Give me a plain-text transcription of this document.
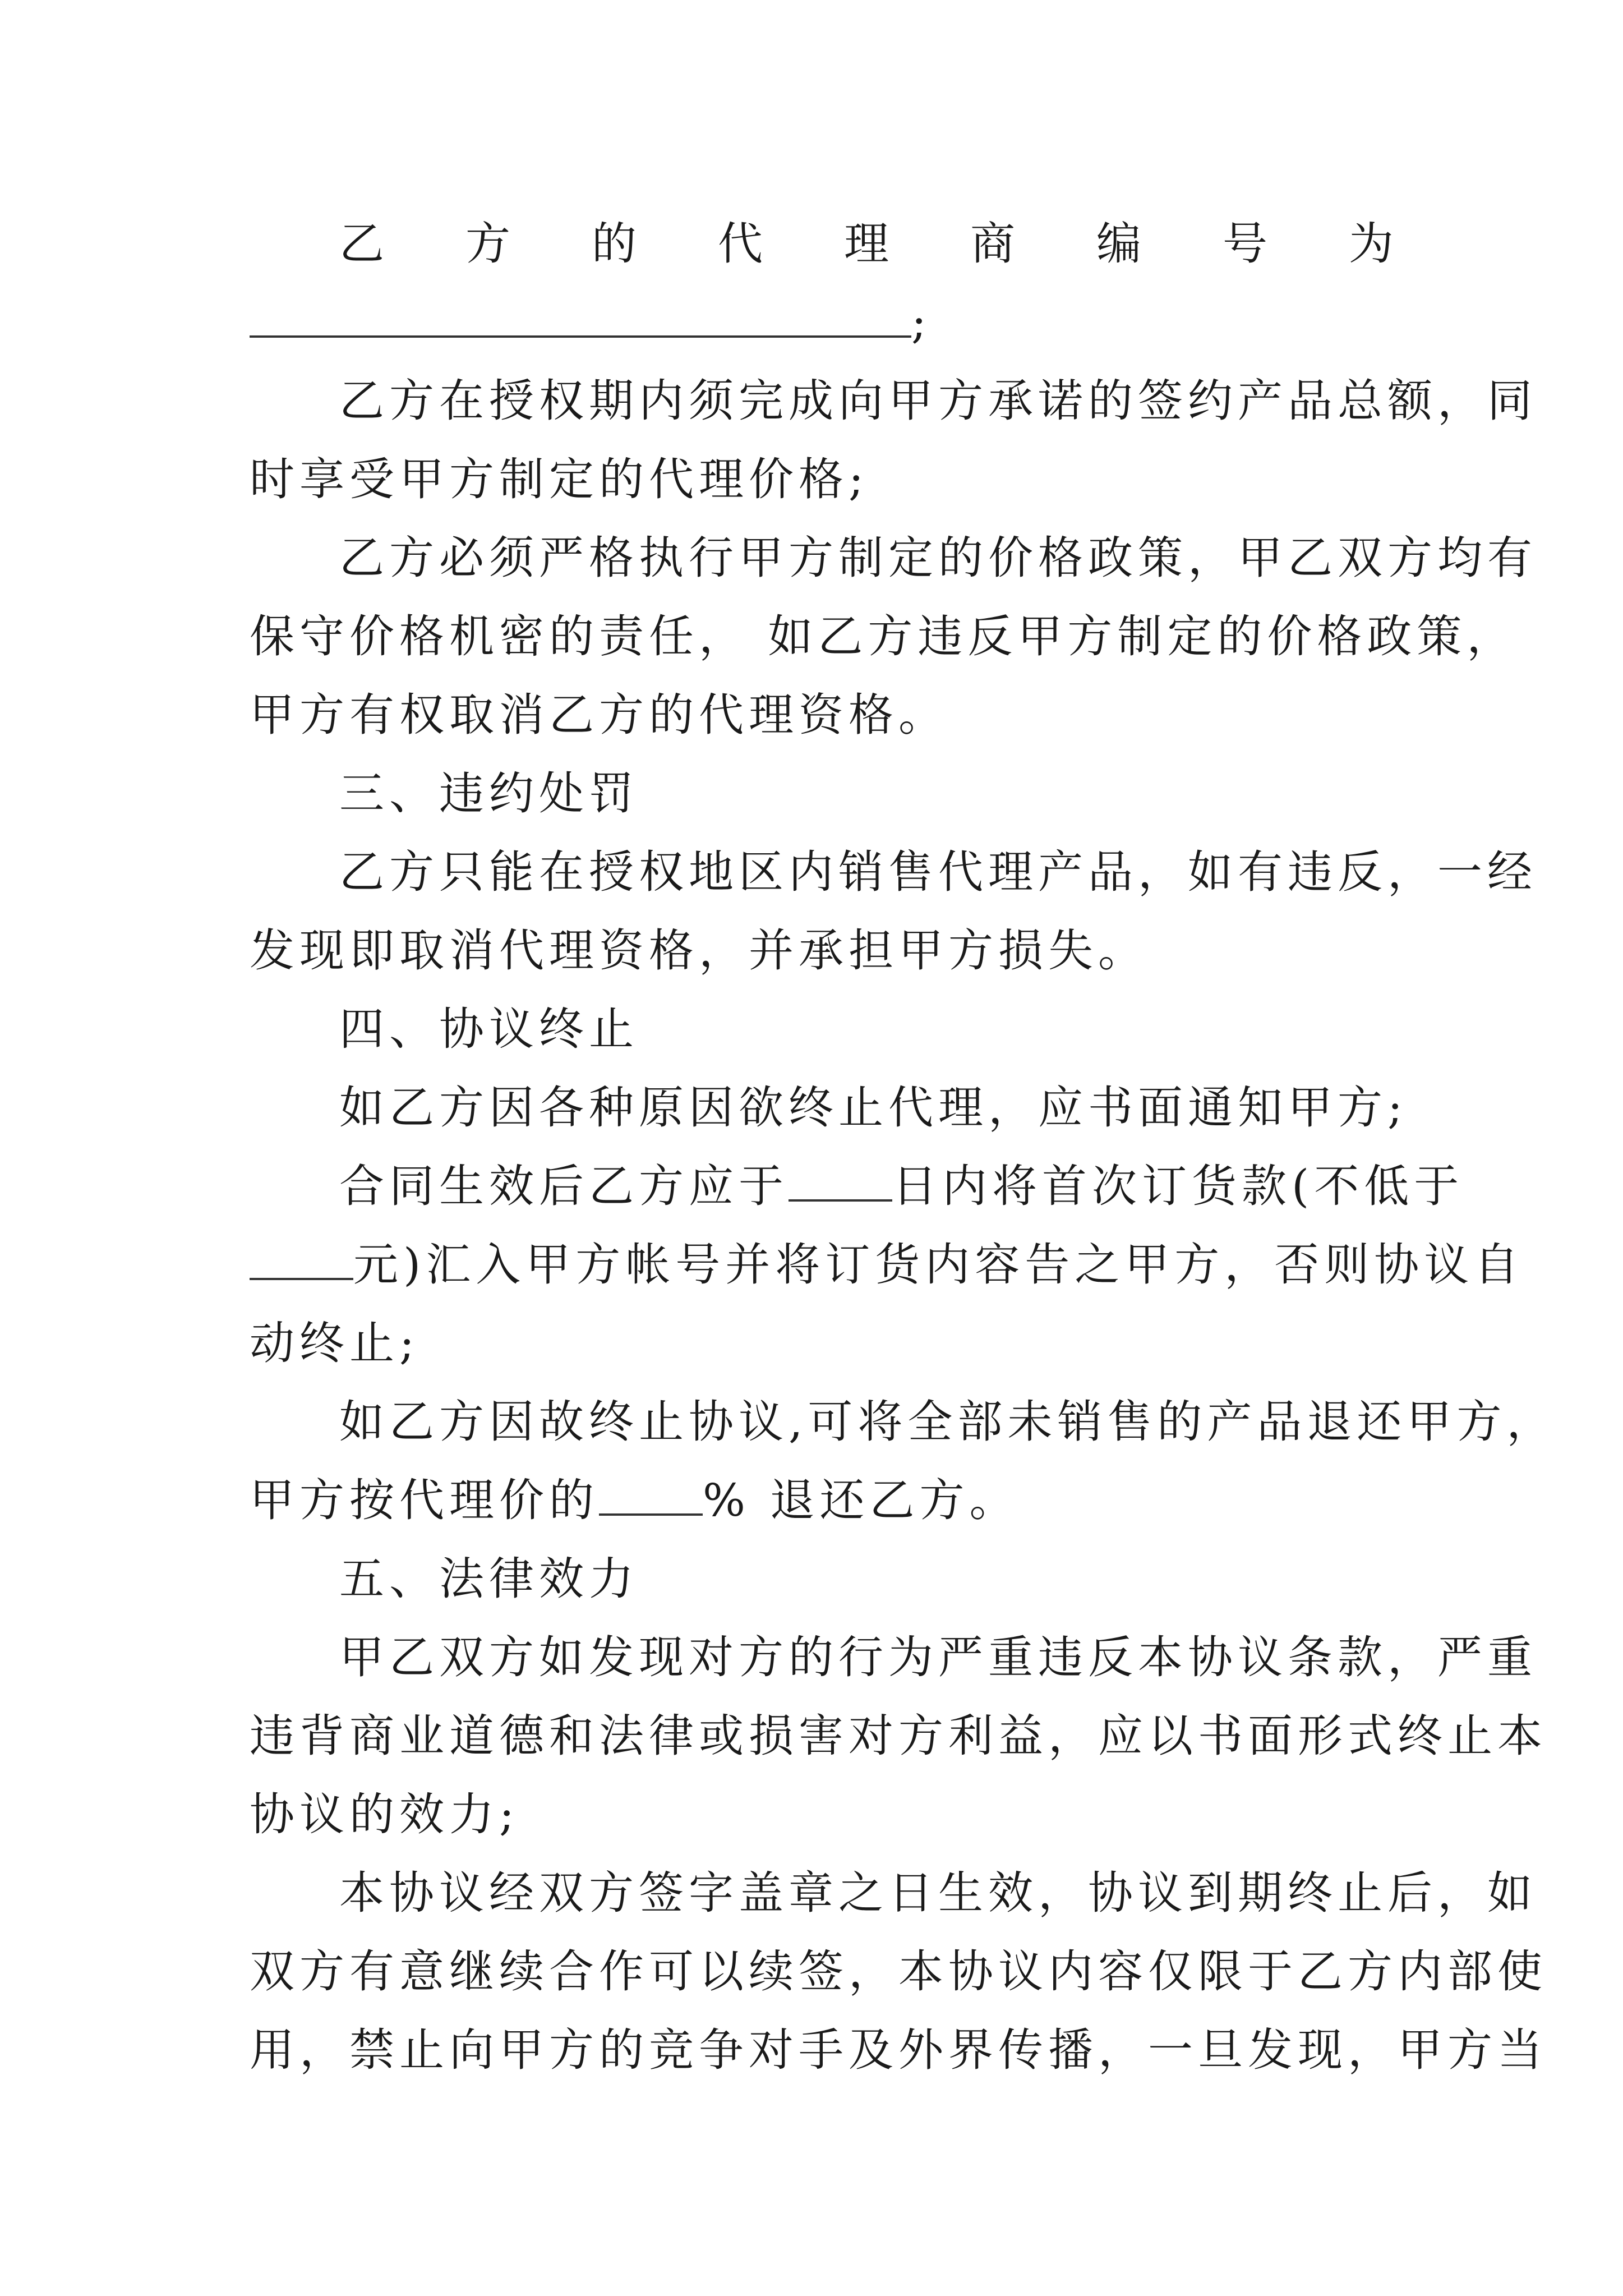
乙方的代理商编号为
;
乙方在授权期内须完成向甲方承诺的签约产品总额，同
时享受甲方制定的代理价格;
乙方必须严格执行甲方制定的价格政策，甲乙双方均有
保守价格机密的责任， 如乙方违反甲方制定的价格政策，
甲方有权取消乙方的代理资格。
三、违约处罚
乙方只能在授权地区内销售代理产品，如有违反，一经
发现即取消代理资格，并承担甲方损失。
四、协议终止
如乙方因各种原因欲终止代理，应书面通知甲方;
合同生效后乙方应于 日内将首次订货款(不低于
元)汇入甲方帐号并将订货内容告之甲方，否则协议自
动终止;
如乙方因故终止协议,可将全部未销售的产品退还甲方，
甲方按代理价的 % 退还乙方。
五、法律效力
甲乙双方如发现对方的行为严重违反本协议条款，严重
违背商业道德和法律或损害对方利益，应以书面形式终止本
协议的效力;
本协议经双方签字盖章之日生效，协议到期终止后，如
双方有意继续合作可以续签，本协议内容仅限于乙方内部使
用，禁止向甲方的竞争对手及外界传播，一旦发现，甲方当
